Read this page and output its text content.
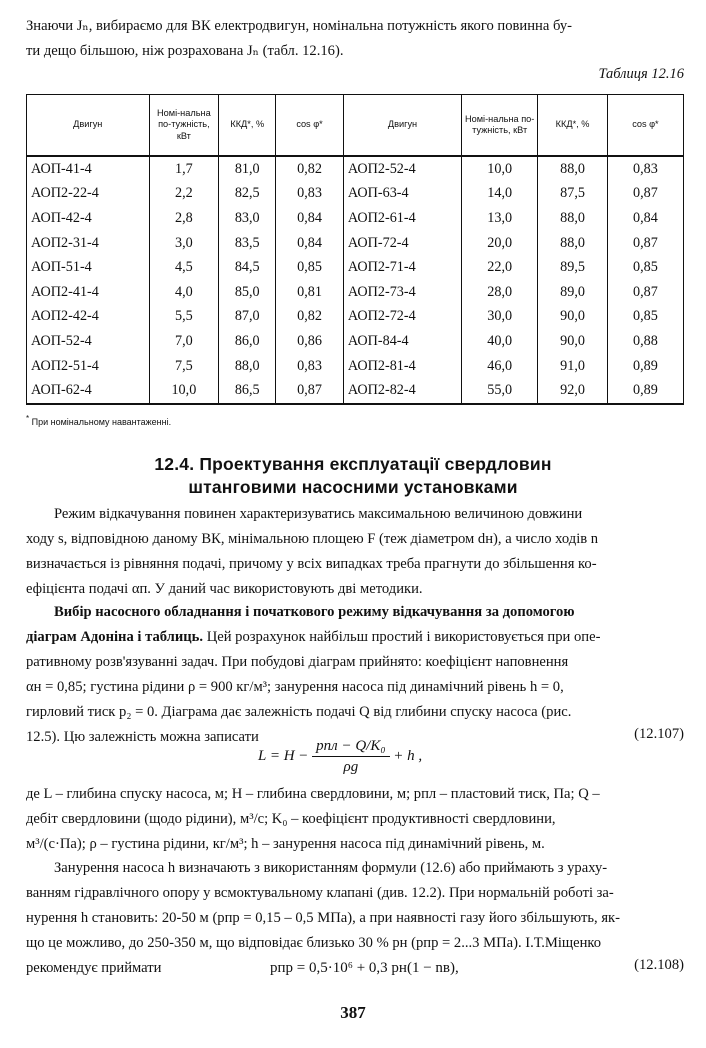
Знаючи Jₙ, вибираємо для ВК електродвигун, номінальна потужність якого повинна бу-
ти дещо більшою, ніж розрахована Jₙ (табл. 12.16).
Таблиця 12.16
Двигун	Номі-нальна по-тужність, кВт	ККД*, %	cos φ*	Двигун	Номі-нальна по-тужність, кВт	ККД*, %	cos φ*
АОП-41-4	1,7	81,0	0,82	АОП2-52-4	10,0	88,0	0,83
АОП2-22-4	2,2	82,5	0,83	АОП-63-4	14,0	87,5	0,87
АОП-42-4	2,8	83,0	0,84	АОП2-61-4	13,0	88,0	0,84
АОП2-31-4	3,0	83,5	0,84	АОП-72-4	20,0	88,0	0,87
АОП-51-4	4,5	84,5	0,85	АОП2-71-4	22,0	89,5	0,85
АОП2-41-4	4,0	85,0	0,81	АОП2-73-4	28,0	89,0	0,87
АОП2-42-4	5,5	87,0	0,82	АОП2-72-4	30,0	90,0	0,85
АОП-52-4	7,0	86,0	0,86	АОП-84-4	40,0	90,0	0,88
АОП2-51-4	7,5	88,0	0,83	АОП2-81-4	46,0	91,0	0,89
АОП-62-4	10,0	86,5	0,87	АОП2-82-4	55,0	92,0	0,89
* При номінальному навантаженні.
12.4. Проектування експлуатації свердловин
штанговими насосними установками
Режим відкачування повинен характеризуватись максимальною величиною довжини
ходу s, відповідною даному ВК, мінімальною площею F (теж діаметром dн), а число ходів n
визначається із рівняння подачі, причому у всіх випадках треба прагнути до збільшення ко-
ефіцієнта подачі αп. У даний час використовують дві методики.
Вибір насосного обладнання і початкового режиму відкачування за допомогою
діаграм Адоніна і таблиць. Цей розрахунок найбільш простий і використовується при опе-
ративному розв'язуванні задач. При побудові діаграм прийнято: коефіцієнт наповнення
αн = 0,85; густина рідини ρ = 900 кг/м³; занурення насоса під динамічний рівень h = 0,
гирловий тиск p₂ = 0. Діаграма дає залежність подачі Q від глибини спуску насоса (рис.
12.5). Цю залежність можна записати
$L = H - \frac{\text{pпл − Q/K₀}}{\rho g} + h$ ,
(12.107)
де L – глибина спуску насоса, м; H – глибина свердловини, м; pпл – пластовий тиск, Па; Q –
дебіт свердловини (щодо рідини), м³/с; K₀ – коефіцієнт продуктивності свердловини,
м³/(с·Па); ρ – густина рідини, кг/м³; h – занурення насоса під динамічний рівень, м.
Занурення насоса h визначають з використанням формули (12.6) або приймають з ураху-
ванням гідравлічного опору у всмоктувальному клапані (див. 12.2). При нормальній роботі за-
нурення h становить: 20-50 м (pпр = 0,15 – 0,5 МПа), а при наявності газу його збільшують, як-
що це можливо, до 250-350 м, що відповідає близько 30 % pн (pпр = 2...3 МПа). І.Т.Міщенко
рекомендує приймати	pпр = 0,5·10⁶ + 0,3 pн(1 − nв),	(12.108)
387
